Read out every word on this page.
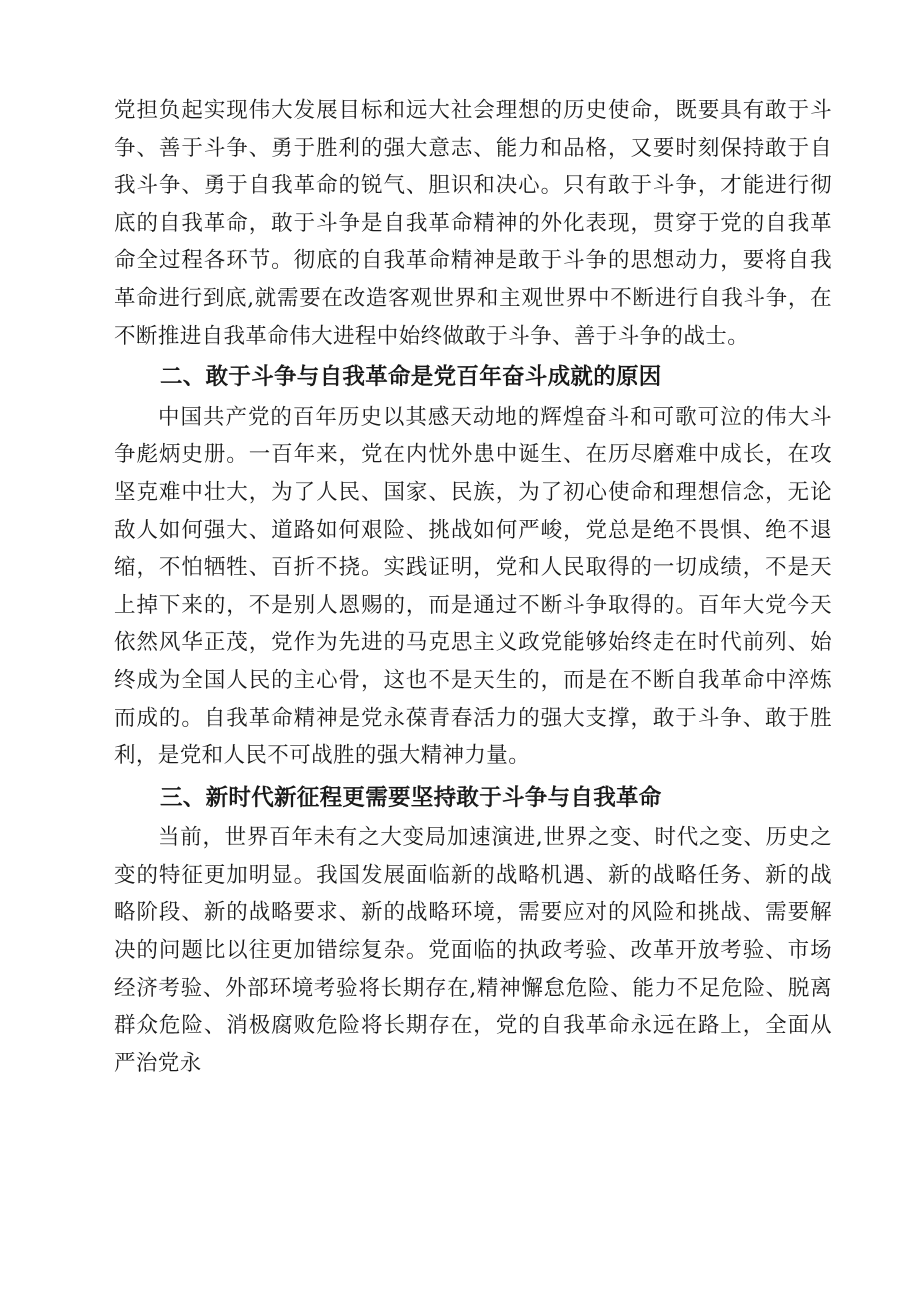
党担负起实现伟大发展目标和远大社会理想的历史使命，既要具有敢于斗争、善于斗争、勇于胜利的强大意志、能力和品格，又要时刻保持敢于自我斗争、勇于自我革命的锐气、胆识和决心。只有敢于斗争，才能进行彻底的自我革命，敢于斗争是自我革命精神的外化表现，贯穿于党的自我革命全过程各环节。彻底的自我革命精神是敢于斗争的思想动力，要将自我革命进行到底,就需要在改造客观世界和主观世界中不断进行自我斗争，在不断推进自我革命伟大进程中始终做敢于斗争、善于斗争的战士。

二、敢于斗争与自我革命是党百年奋斗成就的原因

中国共产党的百年历史以其感天动地的辉煌奋斗和可歌可泣的伟大斗争彪炳史册。一百年来，党在内忧外患中诞生、在历尽磨难中成长，在攻坚克难中壮大，为了人民、国家、民族，为了初心使命和理想信念，无论敌人如何强大、道路如何艰险、挑战如何严峻，党总是绝不畏惧、绝不退缩，不怕牺牲、百折不挠。实践证明，党和人民取得的一切成绩，不是天上掉下来的，不是别人恩赐的，而是通过不断斗争取得的。百年大党今天依然风华正茂，党作为先进的马克思主义政党能够始终走在时代前列、始终成为全国人民的主心骨，这也不是天生的，而是在不断自我革命中淬炼而成的。自我革命精神是党永葆青春活力的强大支撑，敢于斗争、敢于胜利，是党和人民不可战胜的强大精神力量。

三、新时代新征程更需要坚持敢于斗争与自我革命

当前，世界百年未有之大变局加速演进,世界之变、时代之变、历史之变的特征更加明显。我国发展面临新的战略机遇、新的战略任务、新的战略阶段、新的战略要求、新的战略环境，需要应对的风险和挑战、需要解决的问题比以往更加错综复杂。党面临的执政考验、改革开放考验、市场经济考验、外部环境考验将长期存在,精神懈怠危险、能力不足危险、脱离群众危险、消极腐败危险将长期存在，党的自我革命永远在路上，全面从严治党永
